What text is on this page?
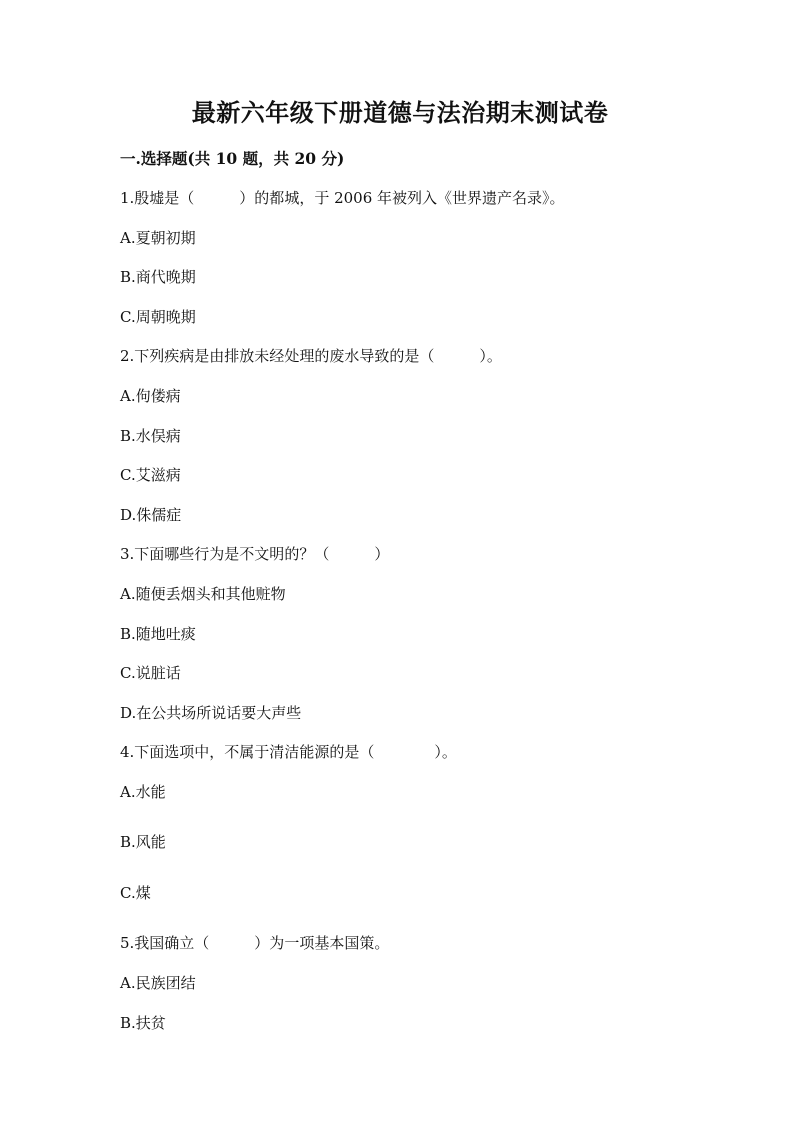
最新六年级下册道德与法治期末测试卷
一.选择题(共 10 题，共 20 分)
1.殷墟是（　　　）的都城，于 2006 年被列入《世界遗产名录》。
A.夏朝初期
B.商代晚期
C.周朝晚期
2.下列疾病是由排放未经处理的废水导致的是（　　　）。
A.佝偻病
B.水俣病
C.艾滋病
D.侏儒症
3.下面哪些行为是不文明的？（　　　）
A.随便丢烟头和其他赃物
B.随地吐痰
C.说脏话
D.在公共场所说话要大声些
4.下面选项中，不属于清洁能源的是（　　　　）。
A.水能
B.风能
C.煤
5.我国确立（　　　）为一项基本国策。
A.民族团结
B.扶贫
